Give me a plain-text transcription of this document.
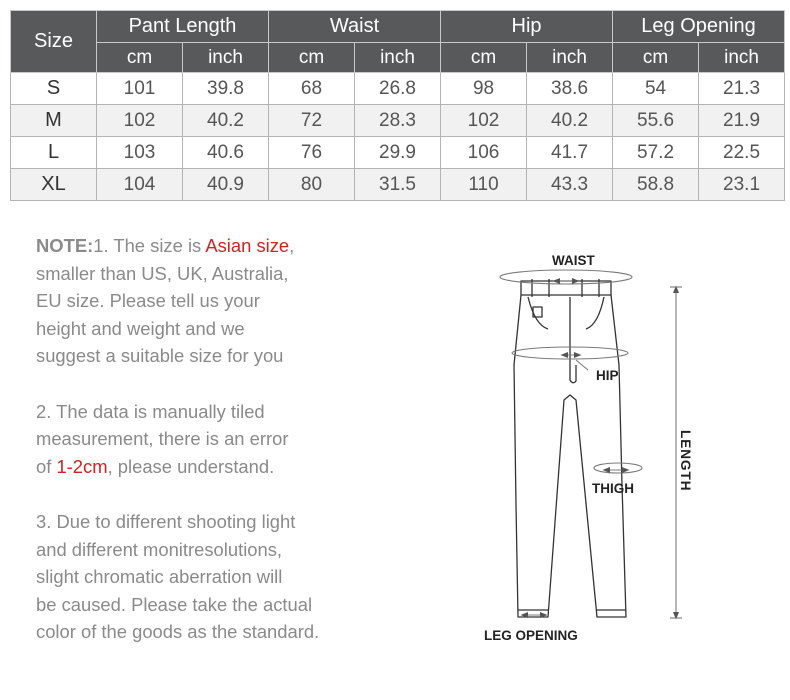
Size	Pant Length		Waist		Hip		Leg Opening	
	cm	inch	cm	inch	cm	inch	cm	inch
S	101	39.8	68	26.8	98	38.6	54	21.3
M	102	40.2	72	28.3	102	40.2	55.6	21.9
L	103	40.6	76	29.9	106	41.7	57.2	22.5
XL	104	40.9	80	31.5	110	43.3	58.8	23.1
NOTE:1. The size is Asian size,
smaller than US, UK, Australia,
EU size. Please tell us your
height and weight and we
suggest a suitable size for you
2. The data is manually tiled
measurement, there is an error
of 1-2cm, please understand.
3. Due to different shooting light
and different monitresolutions,
slight chromatic aberration will
be caused. Please take the actual
color of the goods as the standard.
WAIST
HIP
THIGH
LEG OPENING
LENGTH
